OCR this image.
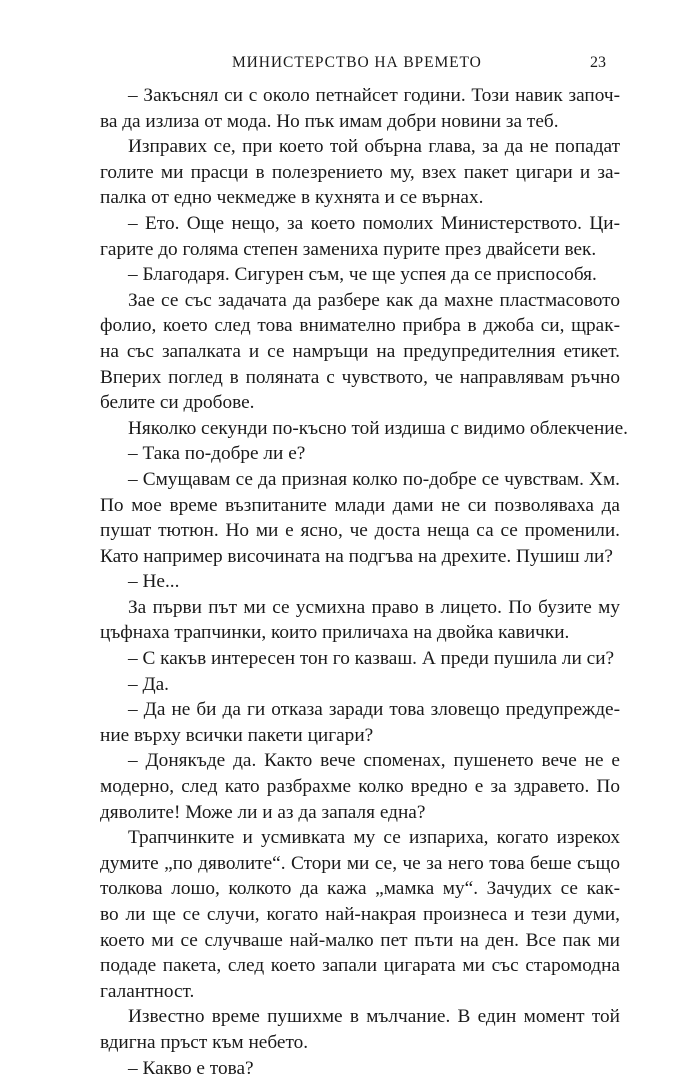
МИНИСТЕРСТВО НА ВРЕМЕТО	23
– Закъснял си с около петнайсет години. Този навик започ-
ва да излиза от мода. Но пък имам добри новини за теб.
Изправих се, при което той обърна глава, за да не попадат
голите ми прасци в полезрението му, взех пакет цигари и за-
палка от едно чекмедже в кухнята и се върнах.
– Ето. Още нещо, за което помолих Министерството. Ци-
гарите до голяма степен замениха пурите през двайсети век.
– Благодаря. Сигурен съм, че ще успея да се приспособя.
Зае се със задачата да разбере как да махне пластмасовото
фолио, което след това внимателно прибра в джоба си, щрак-
на със запалката и се намръщи на предупредителния етикет.
Вперих поглед в поляната с чувството, че направлявам ръчно
белите си дробове.
Няколко секунди по-късно той издиша с видимо облекчение.
– Така по-добре ли е?
– Смущавам се да призная колко по-добре се чувствам. Хм.
По мое време възпитаните млади дами не си позволяваха да
пушат тютюн. Но ми е ясно, че доста неща са се променили.
Като например височината на подгъва на дрехите. Пушиш ли?
– Не...
За първи път ми се усмихна право в лицето. По бузите му
цъфнаха трапчинки, които приличаха на двойка кавички.
– С какъв интересен тон го казваш. А преди пушила ли си?
– Да.
– Да не би да ги отказа заради това зловещо предупрежде-
ние върху всички пакети цигари?
– Донякъде да. Както вече споменах, пушенето вече не е
модерно, след като разбрахме колко вредно е за здравето. По
дяволите! Може ли и аз да запаля една?
Трапчинките и усмивката му се изпариха, когато изрекох
думите „по дяволите“. Стори ми се, че за него това беше също
толкова лошо, колкото да кажа „мамка му“. Зачудих се как-
во ли ще се случи, когато най-накрая произнеса и тези думи,
което ми се случваше най-малко пет пъти на ден. Все пак ми
подаде пакета, след което запали цигарата ми със старомодна
галантност.
Известно време пушихме в мълчание. В един момент той
вдигна пръст към небето.
– Какво е това?
